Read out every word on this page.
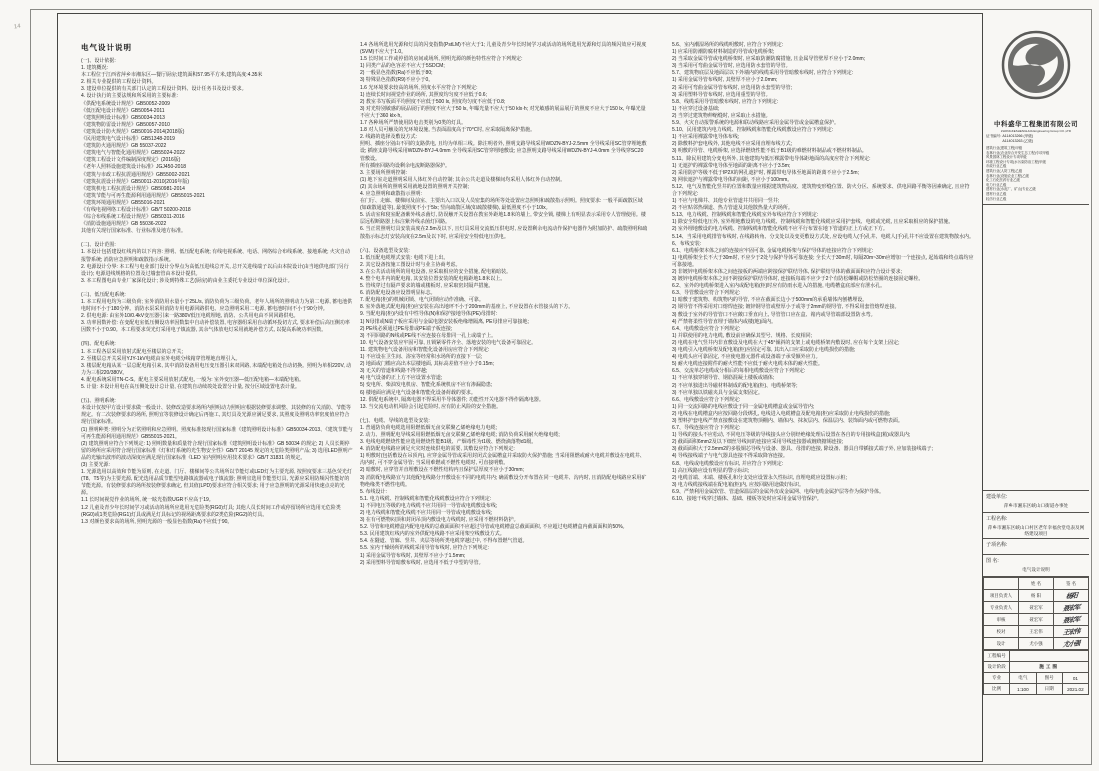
14
电气设计说明
(一)、设计依据:
1. 建筑概况:
本工程位于江西省萍乡市湘东区—餐厅厨房;建筑面积57.95平方米,建筑高度:4.35米
2. 相关专业提供的工程设计资料。
3. 建设单位提供的有关部门认定的工程设计资料、设计任务书及设计要求。
4. 设计执行的主要法规和所采用的主要标准:
《供配电系统设计规范》GB50052-2009
《低压配电设计规范》GB50054-2011
《建筑照明设计标准》GB50034-2013
《建筑物防雷设计规范》GB50057-2010
《建筑设计防火规范》GB50016-2014(2018版)
《民用建筑电气设计标准》GB51348-2019
《建筑防火通用规范》GB 55037-2022
《建筑电气与智能化通用规范》GB55024-2022
《建筑工程设计文件编制深度规定》(2016版)
《老年人照料设施建筑设计标准》JGJ450-2018
《建筑与市政工程抗震通用规范》GB55002-2021
《建筑抗震设计规范》GB50011-2010(2016年版)
《建筑机电工程抗震设计规范》GB50981-2014
《建筑节能与可再生能源利用通用规范》GB55015-2021
《建筑环境通用规范》GB55016-2021
《有线电视网络工程设计标准》GB/T 50200-2018
《综合布线系统工程设计规范》GB50311-2016
《消防设施通用规范》GB 55036-2022
其他有关现行国家标准、行业标准及地方标准。
(二)、设计范围:
1. 本设计包括建设红线内的以下内容: 照明、低压配电系统; 有线电视系统、电话、网络综合布线系统、接地系统; 火灾自动报警系统; 消防应急照明和疏散指示系统。
2. 电源设计分界: 本工程与电业部门设计分界点为高低压进线总开关, 总开关进线端子以后由本院设计(由当地供电部门另行设计); 电源进线规格的位置及过墙套管由本设计提供。
3. 本工程图电由专业厂家深化设计; 涉及到特殊工艺(厨房)的由业主委托专业设计单位深化设计。
(三)、低压配电系统:
1. 本工程用电均为三级负荷; 室外消防用水量小于25L/s, 消防负荷为三级负荷。老年人场所的照明动力为第二电源, 蓄电池供电时间不小于180分钟。消防水泵采用消防专用电源回路供电、应急照明采用二电源, 蓄电池时间不小于90分钟。
2. 供电电源: 由室外10/0.4kV变压器引来一路380V低压电缆埋地, 消防、公共用电由不同回路供电。
3. 功率因数补偿: 在变配电室低压侧设功率因数集中自动补偿装置, 电容器组采用自动循环投切方式, 要求补偿后高压侧功率因数不小于0.90。本工程要求荧光灯采用电子镇流器, 其余气体放电灯采用就地补偿方式, 以提高系统功率因数。
(四)、配电系统:
1. 本工程各层采用放射式配电至楼层的总开关;
2. 至楼层总开关采用YJY-1kV电缆由室外电缆分线箱穿管埋地直埋引入。
3. 楼层配电箱从某一层总配电箱引来, 其中消防设备用电压变压器引来双回路, 末端配电箱处自动切换。照明为单相220V, 动力为三相220/380V。
4. 配电系统采用TN-C-S。配电主要采用放射式配电, 一般为: 室外变压器—低压配电箱—末端配电箱。
5. 计量: 本设计用电在高压侧处设计总计量, 在建筑自动续竣处设置分计量, 按分区域设置电表计量。
(五)、照明系统:
本设计仅按甲方设计要求做一般设计、装修改造要求场所内照明动力照明应根据装修要求调整、其装修的有关消防、节能等规定。有二次装修要求的场所, 照明宜等装修设计确定后再施工, 其灯具及光源应满足要求, 其照度及照明功率密度值应符合现行国家标准。
(1) 照明种类: 照明分为正常照明和应急照明。照度标准按现行国家标准《建筑照明设计标准》GB50034-2013、《建筑节能与可再生能源利用通用规范》GB55015-2021。
(2) 建筑照明应符合下列规定: 1) 照明数量和质量符合现行国家标准《建筑照明设计标准》GB 50034 的规定; 2) 人员长期停留的场所应采用符合现行国家标准《灯和灯系统的光生物安全性》GB/T 20145 规定的无危险类照明产品; 3) 选用LED照明产品的光输出波形的波动深度应满足现行国家标准《LED 室内照明应用技术要求》GB/T 31831 的规定。
(3) 主要光源:
1. 光源选用以高效和节能为原则, 在走道、门厅、楼梯间等公共场所以节能灯或LED灯为主要光源, 按照度要求三基色荧光灯(T8、T5等)为主要光源, 配光选用品质节能型电路镇流器或电子镇流器; 照明宜选用节能型灯具, 光源应采用防频闪性能好的节能光源。有装修要求的场所按装修要求确定, 但其值(LPD)要求应符合相关要求; 用于应急照明的光源采用快速点亮的光源。
1.1 长时间视觉作业的场所, 统一眩光指数UGR不应高于19。
1.2 儿童及青少年长时间学习或活动的场所应选用无危险类(RG0)灯具; 其他人员长时间工作或停留场所应选用无危险类(RG0)或1类危险(RG1)灯具或满足灯具标记的视场距离要求的2类危险(RG2)的灯具。
1.3 对颜色要求高的场所, 照明光源的一般显色指数(Ra)不应低于90。
1.4 各场所选用光源和灯具的闪变指数(PstLM)不应大于1; 儿童及青少年长时间学习或活动的场所选用光源和灯具的频闪效应可视度(SVM)不应大于1.0。
1.5 长时间工作或停留的房间或场所, 照明光源的颜色特性应符合下列规定:
1) 同类产品的色容差不应大于5SDCM;
2) 一般显色指数(Ra)不应低于80;
3) 特殊显色指数(R9)不应小于0。
1.6 光环境要求较高的场所, 照度水平应符合下列规定:
1) 连续长时间视觉作业的场所, 其照度均匀度不应低于0.6;
2) 教室书写板面平均照度不应低于500 lx, 照度均匀度不应低于0.8;
3) 对光特别敏感的展品展厅的照度不应大于50 lx, 年曝光量不应大于50 klx·h; 对光敏感的展品展厅的照度不应大于150 lx, 年曝光量不应大于360 klx·h。
1.7 各种场所严禁使用防电击类别为0类的灯具。
1.8 对人员可触及的光环境设施, 当表面温度高于70℃时, 应采取隔离保护措施。
2. 线路的选择及敷设方式:
照明、插座分别由不同的支路供电, 且均为单相三线。除注明者外, 照明支路导线采用WDZN-BYJ-2.5mm 全导线采用SC管穿埋地敷设; 插座支路导线采用WDZN-BYJ-4.0mm 全导线采用SC管穿埋地敷设; 应急照明支路导线采用WDZN-BYJ-4.0mm 全导线穿SC20管敷设。
所有插座回路均设剩余电流断路器保护。
3. 主要场所照明控制:
(1) 地下室走道照明采用人体红外自动控制; 其余公共走道及楼梯间均采用人体红外自动控制。
(2) 其余场所的照明采用就地设置的照明开关控制;
4. 应急照明和疏散指示照明:
在门厅、走廊、楼梯间及前室、主要出入口以及人员密集的场所等处设置应急照明和疏散指示照明。照度要求: 一般平面疏散区域(如疏散通道等), 最低照度不小于5lx; 竖向疏散区域(如疏散楼梯), 最低照度不小于10lx。
5. 活动室和寝室配备紫外线杀菌灯, 防误触开关设置在教室外距地1.8米的墙上, 带安全锁, 楼梯上有明显表示采用专人管理使用。楼层远程断路器上标注紫外线杀菌灯回路。
6. 当正常照明灯具安装高度在2.5m及以下, 且灯具采用交流低压供电时, 应设置剩余电流动作保护电器作为附加防护、疏散照明和疏散指示标志灯安装高度在2.5m及以下时, 应采用安全特低电压供电。
(六)、设备选型及安装:
1. 低压配电缆埋式安装: 电缆下进上出。
2. 其它设备按施工图设计时与业主协商考虑。
3. 在公共活动场所的用电设备, 应采取相应的安全措施, 配电箱暗装。
4. 整个电井内的配电箱, 其安装位置安装的配电箱距地1.8米以上。
5. 管线穿过有隔声要求的墙或楼板时, 应采取密封隔声措施。
6. 消防配电设备应设置明显标志。
7. 配电箱(柜)的机械闭锁、电气闭锁应动作准确、可靠。
8. 室外落地式配电箱(柜)应安装在高出地坪不小于200mm的基座上, 不应设置在水管接头的下方。
9. 当配电箱(柜)内设有中性导体(N)和保护接地导体(PE)母排时:
1) N母排或N端子板应采用与金属电器安装板绝缘增隔离, PE母排应可靠接地;
2) PE线必须通过PE母排或PE端子板连接;
3) 不同回路的N线或PE线不应连接在母排同一孔上或端子上。
10. 电气设备安装应牢固可靠, 且锁紧零件齐全、落地安装的电气设备可靠固定。
11. 建筑物电气设备用房和智能化设备用房应符合下列规定:
1) 不应设在卫生间、浴室等经常积水场所的直接下一层;
2) 地面或门槛应高出本层楼地面, 其标高差值不应小于0.15m;
3) 无关的管道和线路不得穿越;
4) 电气设备的正上方不应设置水管道;
5) 变电所、柴油发电机房、智能化系统机房不应有渗漏隐患;
6) 楼地面应满足电气设备和智能化设备荷载的要求。
12. 供配电系统中, 隔离电器不得采用半导体器件; 功能性开关电器不得作隔离电器。
13. 当交流电动机风险会引起危险时, 应有防止风险的安全措施。
(七)、电缆、导线的选型及安装:
1. 普通防负荷电缆选用阻燃低烟无卤交联聚乙烯绝缘电力电缆;
2. 动力、照明配电导线采用阻燃低烟无卤交联聚乙烯绝缘电缆; 消防负荷采用耐火绝缘电缆;
3. 电线电缆燃烧性能应选用燃烧性能B1级、产烟毒性为t1级、燃烧滴落物d1级。
4. 消防配电线路应满足火灾时连续供电的需要, 其敷设应符合下列规定:
1) 明敷时(包括敷设在吊顶内), 应穿金属导管或采用封闭式金属槽盒并采取防火保护措施; 当采用阻燃或耐火电缆并敷设在电缆井、沟内时, 可不穿金属导管; 当采用难燃或不燃性电缆时, 可直接明敷。
2) 暗敷时, 应穿管并直埋敷设在不燃性结构内且保护层厚度不应小于30mm;
3) 消防配电线路宜与其他配电线路分开敷设在不同的电缆井内; 确需敷设分开布置在同一电缆井、沟内时, 且消防配电线路应采用矿物绝缘类不燃性电缆。
5. 布线设计:
5.1. 电力线缆、控制线缆和智能化线缆敷设应符合下列规定:
1) 不同电压等级的电力线缆不应共用同一导管或电缆敷设布线;
2) 电力线缆和智能化线缆不应共用同一导管或电缆敷设布线;
3) 在有可燃物闷顶和封闭吊顶内敷设电力线缆时, 应采用不燃材料防护。
5.2. 导管和电缆槽盒内配电电线的总截面面积不应超过导管或电缆槽盒总截面面积, 不应超过电缆槽盒内截面面积的50%。
5.3. 民用建筑红线内的室外供配电线路不应采用架空线敷设方式。
5.4. 在隧道、管廊、竖井、夹层等场所类电缆穿越过中, 不得布置燃气管道。
5.5. 室内干燥场所的线缆采用导管布线时, 应符合下列规定:
1) 采用金属导管布线时, 其壁厚不应小于1.5mm;
2) 采用塑料导管暗敷布线时, 应选用不低于中型的导管。
5.6、室内潮湿场所的线缆明敷时, 应符合下列规定:
1) 应采用防潮防腐材料制造的导管或电缆桥架;
2) 当采取金属导管或电缆桥架时, 应采取防潮防腐措施, 且金属导管壁厚不应小于2.0mm;
3) 当采用可弯曲金属导管时, 应选用防水套管的导管。
5.7、建筑物底层及地面层以下外墙内的线缆采用导管暗敷布线时, 应符合下列规定:
1) 采用金属导管布线时, 其壁厚不应小于2.0mm;
2) 采用可弯曲金属导管布线时, 应选用防水套型的导管;
3) 采用塑料导管布线时, 应选用重型的导管。
5.8、线缆采用导管暗敷布线时, 应符合下列规定:
1) 不应穿过设备基础;
2) 当穿过建筑物伸缩缝时, 应采取止水措施。
5.9、火灾自动报警系统的电源和联动线路应采用金属导管或金属槽盒保护。
5.10、民用建筑内电力线缆、控制线缆和智能化线缆敷设应符合下列规定:
1) 不应采用裸露带电导体布线;
2) 除敷料护套电线外, 其他电线不应采用直埋布线方式;
3) 明敷的导管、电缆桥架, 应选择燃烧性能不低于B1级的难燃材料制品或不燃材料制品。
5.11、除民用建筑分变电所外, 其他建筑内低压裸露带电导体距地面的高度应符合下列规定:
1) 无遮护的裸露带电导体至地面的距离不应小于3.5m;
2) 采用防护等级不低于IP2X的网孔遮护时, 裸露带电导体至地面的距离不应小于2.5m;
3) 网状遮护与裸露带电导体的间距, 不应小于100mm。
5.12、电气及智能化竖井的位置和数量应根据建筑物高度、建筑物变形缝位置、防火分区、系统要求、供电回路平衡等因素确定, 且应符合下列规定:
1) 不应与电梯井、其他专业管道井共用同一竖井;
2) 不应贴邻热烟道、热力管道及其他散热量大的场所。
5.13、电力线缆、控制线缆和智能化线缆室外布线应符合下列规定:
1) 除安全特低电压外, 室外埋地敷设的电力线缆、控制线缆和智能化线缆应采用护套线、电缆或光缆, 且应采取相应的保护措施。
2) 室外埋地敷设的电力线缆、控制线缆和智能化线缆不应平行布置在地下管道的正上方或正下方。
5.14、当采用电缆排管布线时, 在线路转角、分支处以及变更敷设方式处, 应设电缆人(手)孔井、电缆人(手)孔井不应设置在建筑物散水内。
6、布线安装:
6.1、电缆桥架本体之间的连接应牢固可靠, 金属电缆桥架与保护导体的连接应符合下列规定:
1) 电缆桥架全长不大于30m时, 不应少于2处与保护导体可靠连接; 全长大于30m时, 每隔20m~30m应增加一个连接点, 起始端和终点端均应可靠接地。
2) 非镀锌电缆桥架本体之间连接板的两端应跨接保护联结导体, 保护联结导体的截面面积应符合设计要求;
3) 镀锌电缆桥架本体之间不跨接保护联结导体时, 连接板每端不应少于2个有防松螺帽或防松垫圈的连接固定螺栓。
6.2、室外的电缆桥架进入室内或配电箱(柜)时应有防雨水进入的措施, 电缆槽盒底部应有泄水孔。
6.3、导管敷设应符合下列规定:
1) 暗敷于建筑物、构筑物内的导管, 不应在截面长边小于500mm的承重墙体内刨槽埋设。
2) 钢导管不得采用对口熔焊连接; 镀锌钢导管或壁厚小于或等于2mm的钢导管, 不得采用套管熔焊连接。
3) 敷设于室外的导管管口不应敞口垂直向上, 导管管口应在盒、箱内或导管端部设置防水弯。
4) 严禁将柔性导管直埋于墙体内或楼(地)面内。
6.4、电缆敷设应符合下列规定:
1) 并联使用的电力电缆, 敷设前应确保其型号、规格、长度相同;
2) 电缆在电气竖井内非直敷设及电缆在大于45°倾斜的支架上或电缆桥架内敷设时, 应在每个支架上固定;
3) 电缆引入电缆桥架及配电箱(柜)应固定可靠, 其出入口应采取防止电缆损伤的措施;
4) 电缆头应可靠固定, 不应使电器元器件或设备端子承受额外应力。
5) 耐火电缆连接附件的耐火性能不应低于耐火电缆本体的耐火性能。
6.5、交流单芯电缆或分相后的每相电缆敷设应符合下列规定:
1) 不应单独穿钢导管、钢筋混凝土楼板或墙体;
2) 不应单独进出导磁材料制成的配电箱(柜)、电缆桥架等;
3) 不应单独以铁磁夹具与金属支架固定。
6.6、电线敷设应符合下列规定:
1) 同一交流回路的电线应敷设于同一金属电缆槽盒或金属导管内;
2) 电线在电缆槽盒内应按回路分段绑扎, 电线进入电缆槽盒及配电箱(柜)应采取防止电线损伤的措施;
3) 塑料护套电线严禁直接敷设在建筑物顶棚内、墙体内、抹灰层内、保温层内、装饰面内或可燃物表面。
6.7、导线连接应符合下列规定:
1) 导线的接头不应松动, 不同电压等级的导线接头应分别经绝缘处理后设置在各自的专用接线盒(箱)或器具内;
2) 截面面积6mm2及以下细丝导线间的连接应采用导线连接器或缠绕搪锡连接;
3) 截面面积大于2.5mm2的多股铜芯导线与设备、器具、母排的连接, 除设备、器具自带插接式端子外, 应加装接线端子;
4) 导线接线端子与电气器具连接不得采取降容连接。
6.8、电线或电缆敷设应有标识, 并应符合下列规定:
1) 高压线路应设有明显的警示标识;
2) 电缆首端、末端、楼板孔和分支处应设置永久性标识, 直埋电缆应设置标示桩;
3) 电力线缆接线端在配电箱(柜)内, 应按回路用途做好标识。
6.9、严禁利用金属软管、管道保温层的金属外皮或金属网、电线电缆金属护层等作为保护导体。
6.10、接地干线穿过墙体、基础、楼板等处时应采用金属导管保护。
中科盛华工程集团有限公司
ZHONGKESHENGHUA Engineering Group CO.,LTD
证书编号: A114013266 (甲级)
A114013263 (乙级)
建筑行业(建筑工程)甲级
农林行业(农业综合开发生态工程)专项甲级
风景园林工程设计专项甲级
环境工程设计专项(水污染防治工程)甲级
市政行业乙级
建筑行业(人防工程)乙级
农林行业(设施农业工程)乙级
化工石化医药行业乙级
电力行业乙级
建材行业(水泥厂、矿山)专业乙级
建材行业乙级
轻纺行业乙级
建设单位:
萍乡市湘东区峡山口街道办事处
工程名称:
萍乡市湘东区峡山口村区老年幸福食堂电表及网络建设项目
子项名称:
图 名:
电气设计说明
	姓 名	签 名
项目负责人	杨 阳	杨阳
专业负责人	聂宏军	聂宏军
审核	聂宏军	聂宏军
校对	王宏伟	王宏伟
设计	尤小强	尤小强
工程编号			
设计阶段	施工图		
专业	电气	图号	01
比例	1:100	日期	2021.02
